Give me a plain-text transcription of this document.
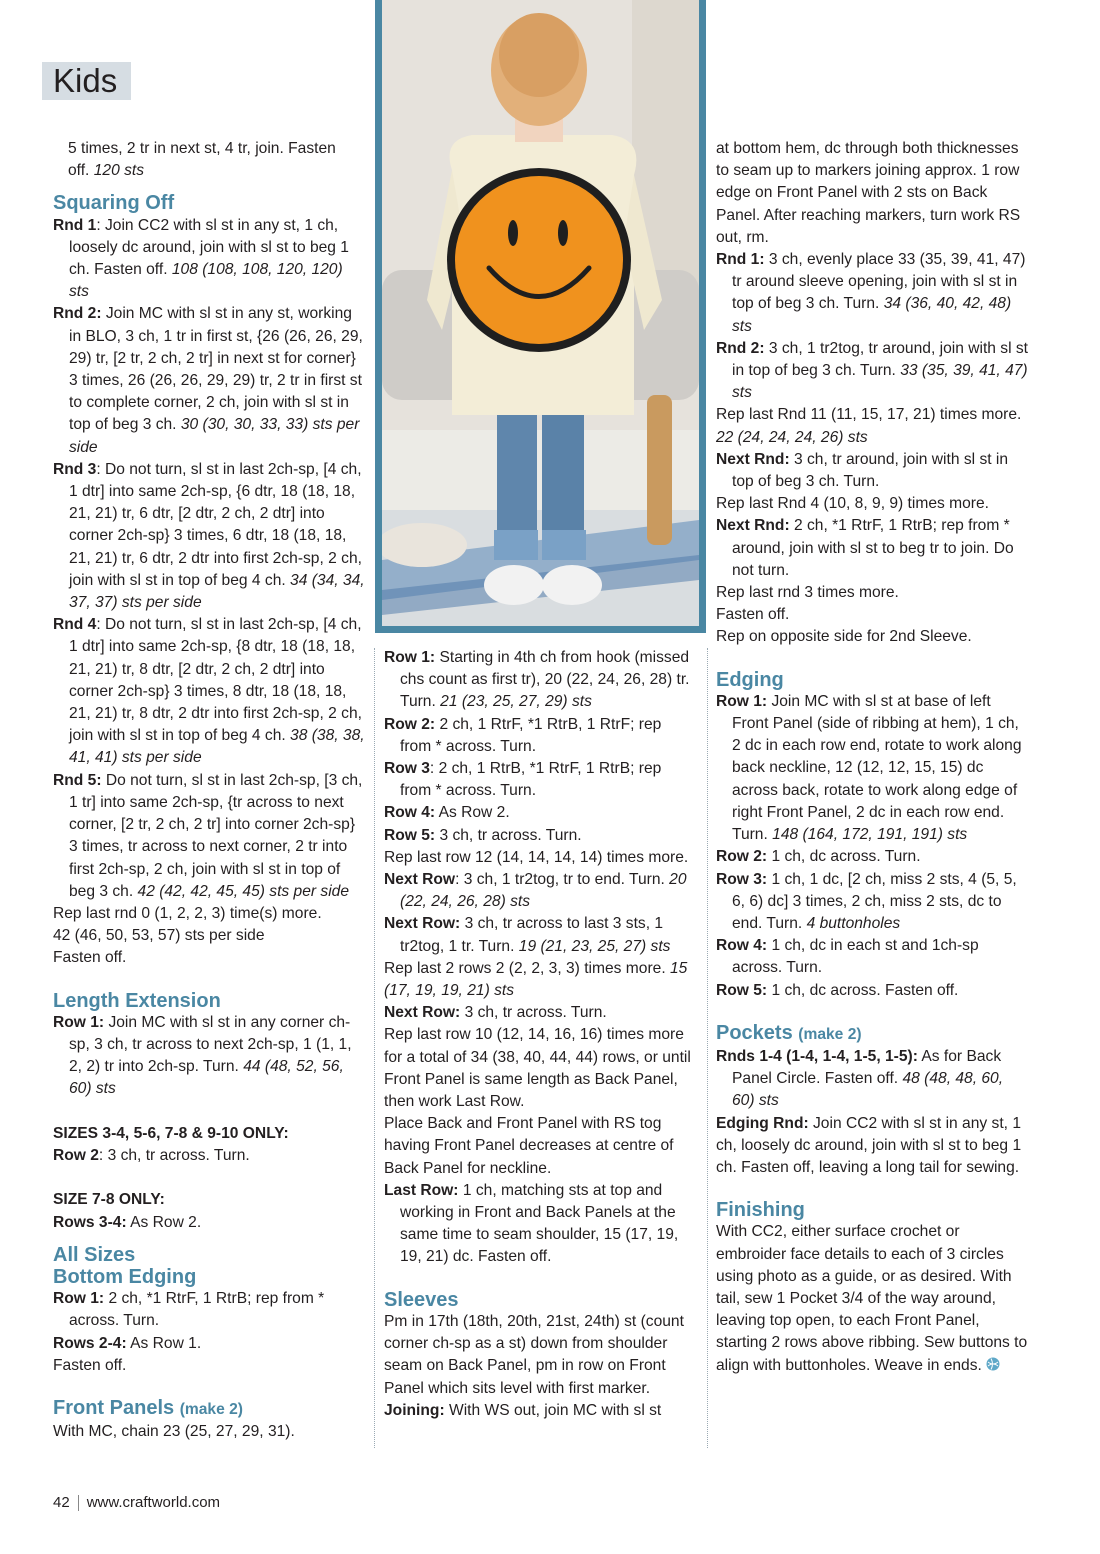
Kids

5 times, 2 tr in next st, 4 tr, join. Fasten
off. 120 sts

Squaring Off

Rnd 1: Join CC2 with sl st in any st, 1 ch, loosely dc around, join with sl st to beg 1 ch. Fasten off. 108 (108, 108, 120, 120) sts

Rnd 2: Join MC with sl st in any st, working in BLO, 3 ch, 1 tr in first st, {26 (26, 26, 29, 29) tr, [2 tr, 2 ch, 2 tr] in next st for corner} 3 times, 26 (26, 26, 29, 29) tr, 2 tr in first st to complete corner, 2 ch, join with sl st in top of beg 3 ch. 30 (30, 30, 33, 33) sts per side

Rnd 3: Do not turn, sl st in last 2ch-sp, [4 ch, 1 dtr] into same 2ch-sp, {6 dtr, 18 (18, 18, 21, 21) tr, 6 dtr, [2 dtr, 2 ch, 2 dtr] into corner 2ch-sp} 3 times, 6 dtr, 18 (18, 18, 21, 21) tr, 6 dtr, 2 dtr into first 2ch-sp, 2 ch, join with sl st in top of beg 4 ch. 34 (34, 34, 37, 37) sts per side

Rnd 4: Do not turn, sl st in last 2ch-sp, [4 ch, 1 dtr] into same 2ch-sp, {8 dtr, 18 (18, 18, 21, 21) tr, 8 dtr, [2 dtr, 2 ch, 2 dtr] into corner 2ch-sp} 3 times, 8 dtr, 18 (18, 18, 21, 21) tr, 8 dtr, 2 dtr into first 2ch-sp, 2 ch, join with sl st in top of beg 4 ch. 38 (38, 38, 41, 41) sts per side

Rnd 5: Do not turn, sl st in last 2ch-sp, [3 ch, 1 tr] into same 2ch-sp, {tr across to next corner, [2 tr, 2 ch, 2 tr] into corner 2ch-sp} 3 times, tr across to next corner, 2 tr into first 2ch-sp, 2 ch, join with sl st in top of beg 3 ch. 42 (42, 42, 45, 45) sts per side

Rep last rnd 0 (1, 2, 2, 3) time(s) more.

42 (46, 50, 53, 57) sts per side

Fasten off.

Length Extension

Row 1: Join MC with sl st in any corner ch-sp, 3 ch, tr across to next 2ch-sp, 1 (1, 1, 2, 2) tr into 2ch-sp. Turn. 44 (48, 52, 56, 60) sts

SIZES 3-4, 5-6, 7-8 & 9-10 ONLY:

Row 2: 3 ch, tr across. Turn.

SIZE 7-8 ONLY:

Rows 3-4: As Row 2.

All Sizes

Bottom Edging

Row 1: 2 ch, *1 RtrF, 1 RtrB; rep from * across. Turn.

Rows 2-4: As Row 1.

Fasten off.

Front Panels (make 2)

With MC, chain 23 (25, 27, 29, 31).

Row 1: Starting in 4th ch from hook (missed chs count as first tr), 20 (22, 24, 26, 28) tr. Turn. 21 (23, 25, 27, 29) sts

Row 2: 2 ch, 1 RtrF, *1 RtrB, 1 RtrF; rep from * across. Turn.

Row 3: 2 ch, 1 RtrB, *1 RtrF, 1 RtrB; rep from * across. Turn.

Row 4: As Row 2.

Row 5: 3 ch, tr across. Turn.

Rep last row 12 (14, 14, 14, 14) times more.

Next Row: 3 ch, 1 tr2tog, tr to end. Turn. 20 (22, 24, 26, 28) sts

Next Row: 3 ch, tr across to last 3 sts, 1 tr2tog, 1 tr. Turn. 19 (21, 23, 25, 27) sts

Rep last 2 rows 2 (2, 2, 3, 3) times more. 15 (17, 19, 19, 21) sts

Next Row: 3 ch, tr across. Turn.

Rep last row 10 (12, 14, 16, 16) times more for a total of 34 (38, 40, 44, 44) rows, or until Front Panel is same length as Back Panel, then work Last Row.

Place Back and Front Panel with RS tog having Front Panel decreases at centre of Back Panel for neckline.

Last Row: 1 ch, matching sts at top and working in Front and Back Panels at the same time to seam shoulder, 15 (17, 19, 19, 21) dc. Fasten off.

Sleeves

Pm in 17th (18th, 20th, 21st, 24th) st (count corner ch-sp as a st) down from shoulder seam on Back Panel, pm in row on Front Panel which sits level with first marker.

Joining: With WS out, join MC with sl st

at bottom hem, dc through both thicknesses to seam up to markers joining approx. 1 row edge on Front Panel with 2 sts on Back Panel. After reaching markers, turn work RS out, rm.

Rnd 1: 3 ch, evenly place 33 (35, 39, 41, 47) tr around sleeve opening, join with sl st in top of beg 3 ch. Turn. 34 (36, 40, 42, 48) sts

Rnd 2: 3 ch, 1 tr2tog, tr around, join with sl st in top of beg 3 ch. Turn. 33 (35, 39, 41, 47) sts

Rep last Rnd 11 (11, 15, 17, 21) times more.
22 (24, 24, 24, 26) sts

Next Rnd: 3 ch, tr around, join with sl st in top of beg 3 ch. Turn.

Rep last Rnd 4 (10, 8, 9, 9) times more.

Next Rnd: 2 ch, *1 RtrF, 1 RtrB; rep from * around, join with sl st to beg tr to join. Do not turn.

Rep last rnd 3 times more.

Fasten off.

Rep on opposite side for 2nd Sleeve.

Edging

Row 1: Join MC with sl st at base of left Front Panel (side of ribbing at hem), 1 ch, 2 dc in each row end, rotate to work along back neckline, 12 (12, 12, 15, 15) dc across back, rotate to work along edge of right Front Panel, 2 dc in each row end. Turn. 148 (164, 172, 191, 191) sts

Row 2: 1 ch, dc across. Turn.

Row 3: 1 ch, 1 dc, [2 ch, miss 2 sts, 4 (5, 5, 6, 6) dc] 3 times, 2 ch, miss 2 sts, dc to end. Turn. 4 buttonholes

Row 4: 1 ch, dc in each st and 1ch-sp across. Turn.

Row 5: 1 ch, dc across. Fasten off.

Pockets (make 2)

Rnds 1-4 (1-4, 1-4, 1-5, 1-5): As for Back Panel Circle. Fasten off. 48 (48, 48, 60, 60) sts

Edging Rnd: Join CC2 with sl st in any st, 1 ch, loosely dc around, join with sl st to beg 1 ch. Fasten off, leaving a long tail for sewing.

Finishing

With CC2, either surface crochet or embroider face details to each of 3 circles using photo as a guide, or as desired. With tail, sew 1 Pocket 3/4 of the way around, leaving top open, to each Front Panel, starting 2 rows above ribbing. Sew buttons to align with buttonholes. Weave in ends.

42 www.craftworld.com
